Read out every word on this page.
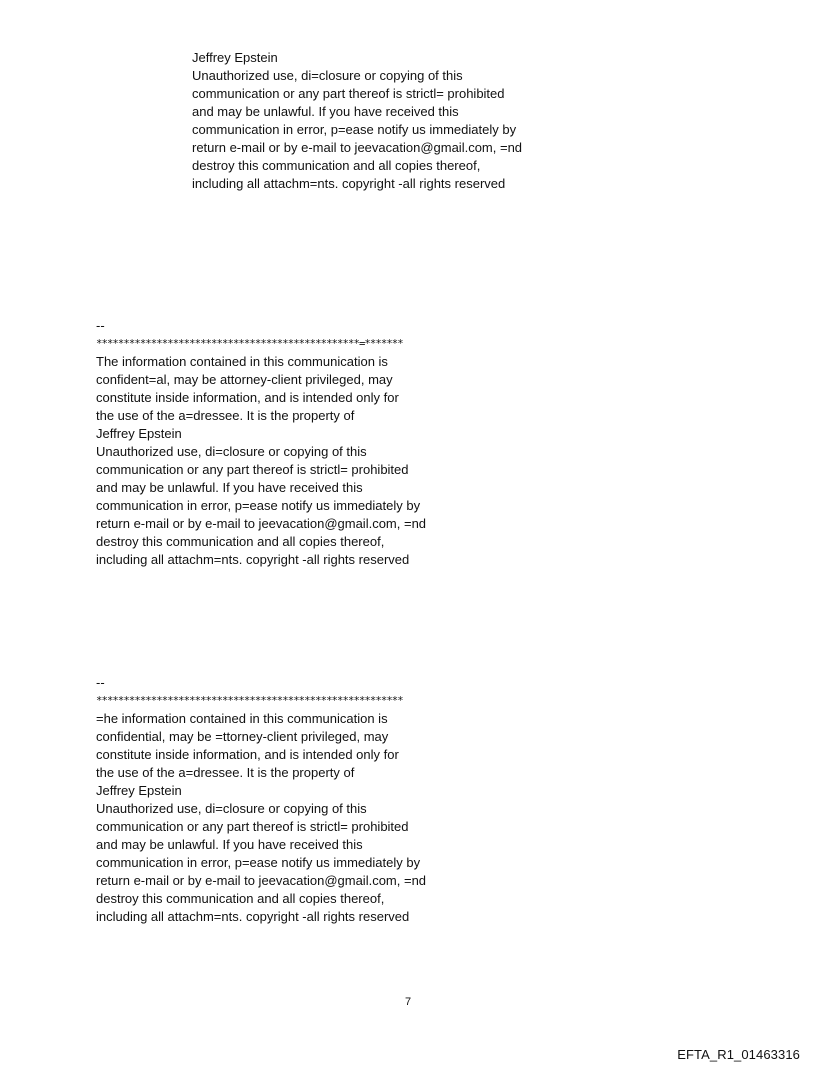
Jeffrey Epstein
Unauthorized use, di=closure or copying of this
communication or any part thereof is strictl= prohibited
and may be unlawful. If you have received this
communication in error, p=ease notify us immediately by
return e-mail or by e-mail to jeevacation@gmail.com, =nd
destroy this communication and all copies thereof,
including all attachm=nts. copyright -all rights reserved
--
************************************************=*******
The information contained in this communication is
confident=al, may be attorney-client privileged, may
constitute inside information, and is intended only for
the use of the a=dressee. It is the property of
Jeffrey Epstein
Unauthorized use, di=closure or copying of this
communication or any part thereof is strictl= prohibited
and may be unlawful. If you have received this
communication in error, p=ease notify us immediately by
return e-mail or by e-mail to jeevacation@gmail.com, =nd
destroy this communication and all copies thereof,
including all attachm=nts. copyright -all rights reserved
--
********************************************************
=he information contained in this communication is
confidential, may be =ttorney-client privileged, may
constitute inside information, and is intended only for
the use of the a=dressee. It is the property of
Jeffrey Epstein
Unauthorized use, di=closure or copying of this
communication or any part thereof is strictl= prohibited
and may be unlawful. If you have received this
communication in error, p=ease notify us immediately by
return e-mail or by e-mail to jeevacation@gmail.com, =nd
destroy this communication and all copies thereof,
including all attachm=nts. copyright -all rights reserved
7
EFTA_R1_01463316
